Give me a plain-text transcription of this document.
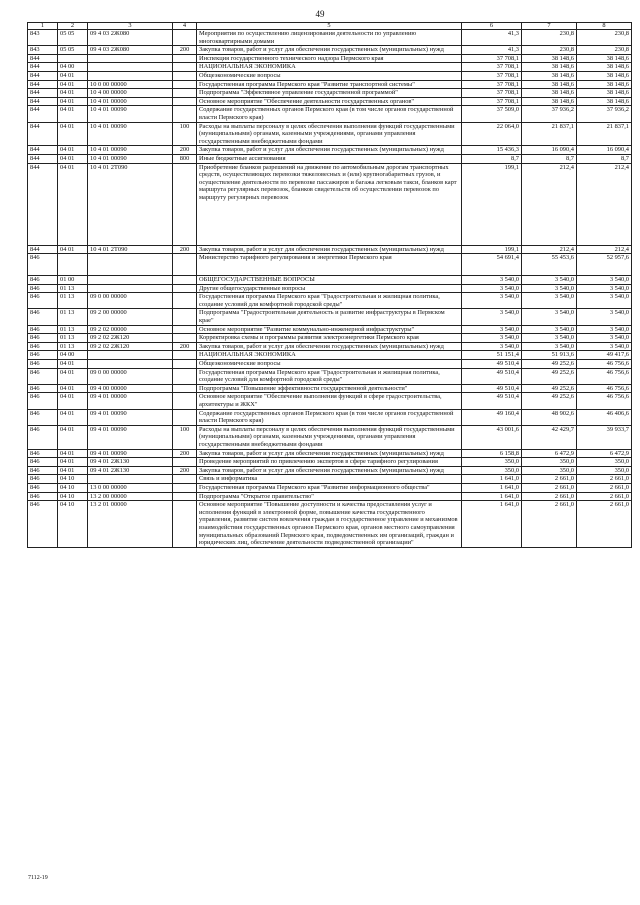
49
1	2	3	4	5	6	7	8
843	05 05	09 4 03 2Ж080		Мероприятия по осуществлению лицензирования деятельности по управлению многоквартирными домами	41,3	230,8	230,8
843	05 05	09 4 03 2Ж080	200	Закупка товаров, работ и услуг для обеспечения государственных (муниципальных) нужд	41,3	230,8	230,8
844				Инспекция государственного технического надзора Пермского края	37 708,1	38 148,6	38 148,6
844	04 00			НАЦИОНАЛЬНАЯ ЭКОНОМИКА	37 708,1	38 148,6	38 148,6
844	04 01			Общеэкономические вопросы	37 708,1	38 148,6	38 148,6
844	04 01	10 0 00 00000		Государственная программа Пермского края "Развитие транспортной системы"	37 708,1	38 148,6	38 148,6
844	04 01	10 4 00 00000		Подпрограмма "Эффективное управление государственной программой"	37 708,1	38 148,6	38 148,6
844	04 01	10 4 01 00000		Основное мероприятие "Обеспечение деятельности государственных органов"	37 708,1	38 148,6	38 148,6
844	04 01	10 4 01 00090		Содержание государственных органов Пермского края (в том числе органов государственной власти Пермского края)	37 509,0	37 936,2	37 936,2
844	04 01	10 4 01 00090	100	Расходы на выплаты персоналу в целях обеспечения выполнения функций государственными (муниципальными) органами, казенными учреждениями, органами управления государственными внебюджетными фондами	22 064,0	21 837,1	21 837,1
844	04 01	10 4 01 00090	200	Закупка товаров, работ и услуг для обеспечения государственных (муниципальных) нужд	15 436,3	16 090,4	16 090,4
844	04 01	10 4 01 00090	800	Иные бюджетные ассигнования	8,7	8,7	8,7
844	04 01	10 4 01 2Т090		Приобретение бланков разрешений на движение по автомобильным дорогам транспортных средств, осуществляющих перевозки тяжеловесных и (или) крупногабаритных грузов, и осуществление деятельности по перевозке пассажиров и багажа легковым такси, бланков карт маршрута регулярных перевозок, бланков свидетельств об осуществлении перевозок по маршруту регулярных перевозок	199,1	212,4	212,4
844	04 01	10 4 01 2Т090	200	Закупка товаров, работ и услуг для обеспечения государственных (муниципальных) нужд	199,1	212,4	212,4
846				Министерство тарифного регулирования и энергетики Пермского края	54 691,4	55 453,6	52 957,6
846	01 00			ОБЩЕГОСУДАРСТВЕННЫЕ ВОПРОСЫ	3 540,0	3 540,0	3 540,0
846	01 13			Другие общегосударственные вопросы	3 540,0	3 540,0	3 540,0
846	01 13	09 0 00 00000		Государственная программа Пермского края "Градостроительная и жилищная политика, создание условий для комфортной городской среды"	3 540,0	3 540,0	3 540,0
846	01 13	09 2 00 00000		Подпрограмма "Градостроительная деятельность и развитие инфраструктуры в Пермском крае"	3 540,0	3 540,0	3 540,0
846	01 13	09 2 02 00000		Основное мероприятие "Развитие коммунально-инженерной инфраструктуры"	3 540,0	3 540,0	3 540,0
846	01 13	09 2 02 2Ж120		Корректировка схемы и программы развития электроэнергетики Пермского края	3 540,0	3 540,0	3 540,0
846	01 13	09 2 02 2Ж120	200	Закупка товаров, работ и услуг для обеспечения государственных (муниципальных) нужд	3 540,0	3 540,0	3 540,0
846	04 00			НАЦИОНАЛЬНАЯ ЭКОНОМИКА	51 151,4	51 913,6	49 417,6
846	04 01			Общеэкономические вопросы	49 510,4	49 252,6	46 756,6
846	04 01	09 0 00 00000		Государственная программа Пермского края "Градостроительная и жилищная политика, создание условий для комфортной городской среды"	49 510,4	49 252,6	46 756,6
846	04 01	09 4 00 00000		Подпрограмма "Повышение эффективности государственной деятельности"	49 510,4	49 252,6	46 756,6
846	04 01	09 4 01 00000		Основное мероприятие "Обеспечение выполнения функций в сфере градостроительства, архитектуры и ЖКХ"	49 510,4	49 252,6	46 756,6
846	04 01	09 4 01 00090		Содержание государственных органов Пермского края (в том числе органов государственной власти Пермского края)	49 160,4	48 902,6	46 406,6
846	04 01	09 4 01 00090	100	Расходы на выплаты персоналу в целях обеспечения выполнения функций государственными (муниципальными) органами, казенными учреждениями, органами управления государственными внебюджетными фондами	43 001,6	42 429,7	39 933,7
846	04 01	09 4 01 00090	200	Закупка товаров, работ и услуг для обеспечения государственных (муниципальных) нужд	6 158,8	6 472,9	6 472,9
846	04 01	09 4 01 2Ж130		Проведение мероприятий по привлечению экспертов в сфере тарифного регулирования	350,0	350,0	350,0
846	04 01	09 4 01 2Ж130	200	Закупка товаров, работ и услуг для обеспечения государственных (муниципальных) нужд	350,0	350,0	350,0
846	04 10			Связь и информатика	1 641,0	2 661,0	2 661,0
846	04 10	13 0 00 00000		Государственная программа Пермского края "Развитие информационного общества"	1 641,0	2 661,0	2 661,0
846	04 10	13 2 00 00000		Подпрограмма "Открытое правительство"	1 641,0	2 661,0	2 661,0
846	04 10	13 2 01 00000		Основное мероприятие "Повышение доступности и качества предоставления услуг и исполнения функций в электронной форме, повышение качества государственного управления, развитие систем вовлечения граждан в государственное управление и механизмов взаимодействия государственных органов Пермского края, органов местного самоуправления муниципальных образований Пермского края, подведомственных им организаций, граждан и юридических лиц, обеспечение деятельности подведомственной организации"	1 641,0	2 661,0	2 661,0
7112-19
